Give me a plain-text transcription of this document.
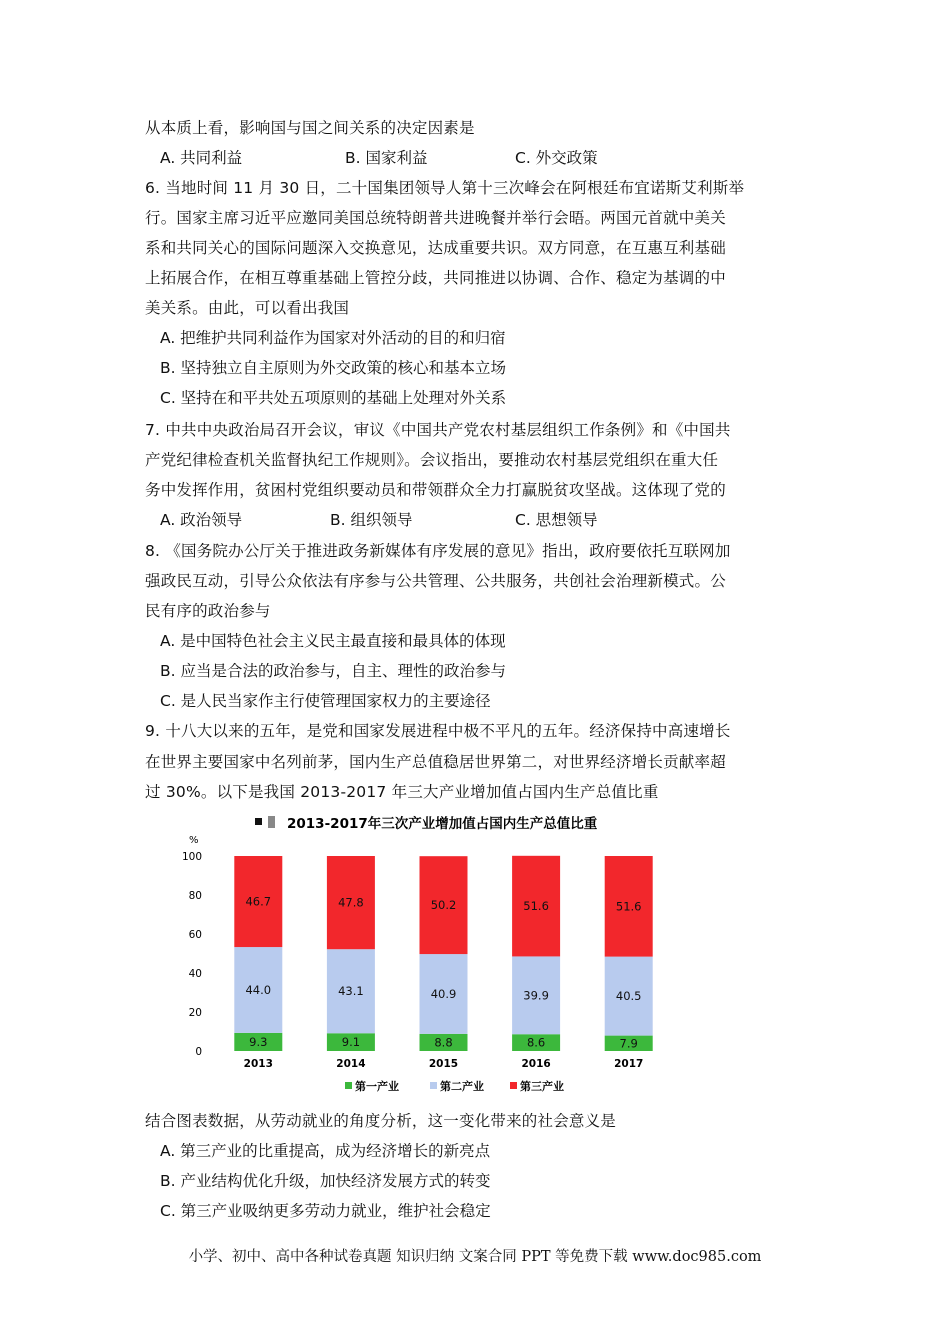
从本质上看，影响国与国之间关系的决定因素是
A. 共同利益	B. 国家利益	C. 外交政策
6. 当地时间 11 月 30 日，二十国集团领导人第十三次峰会在阿根廷布宜诺斯艾利斯举
行。国家主席习近平应邀同美国总统特朗普共进晚餐并举行会晤。两国元首就中美关
系和共同关心的国际问题深入交换意见，达成重要共识。双方同意，在互惠互利基础
上拓展合作，在相互尊重基础上管控分歧，共同推进以协调、合作、稳定为基调的中
美关系。由此，可以看出我国
A. 把维护共同利益作为国家对外活动的目的和归宿
B. 坚持独立自主原则为外交政策的核心和基本立场
C. 坚持在和平共处五项原则的基础上处理对外关系
7. 中共中央政治局召开会议，审议《中国共产党农村基层组织工作条例》和《中国共
产党纪律检查机关监督执纪工作规则》。会议指出，要推动农村基层党组织在重大任
务中发挥作用，贫困村党组织要动员和带领群众全力打赢脱贫攻坚战。这体现了党的
A. 政治领导	B. 组织领导	C. 思想领导
8. 《国务院办公厅关于推进政务新媒体有序发展的意见》指出，政府要依托互联网加
强政民互动，引导公众依法有序参与公共管理、公共服务，共创社会治理新模式。公
民有序的政治参与
A. 是中国特色社会主义民主最直接和最具体的体现
B. 应当是合法的政治参与，自主、理性的政治参与
C. 是人民当家作主行使管理国家权力的主要途径
9. 十八大以来的五年，是党和国家发展进程中极不平凡的五年。经济保持中高速增长
在世界主要国家中名列前茅，国内生产总值稳居世界第二，对世界经济增长贡献率超
过 30%。以下是我国 2013-2017 年三大产业增加值占国内生产总值比重
2013-2017年三次产业增加值占国内生产总值比重
%
0
20
40
60
80
100
9.3
44.0
46.7
9.1
43.1
47.8
8.8
40.9
50.2
8.6
39.9
51.6
7.9
40.5
51.6
2013	2014	2015	2016	2017
第一产业	第二产业	第三产业
结合图表数据，从劳动就业的角度分析，这一变化带来的社会意义是
A. 第三产业的比重提高，成为经济增长的新亮点
B. 产业结构优化升级，加快经济发展方式的转变
C. 第三产业吸纳更多劳动力就业，维护社会稳定
小学、初中、高中各种试卷真题 知识归纳 文案合同 PPT 等免费下载 www.doc985.com
